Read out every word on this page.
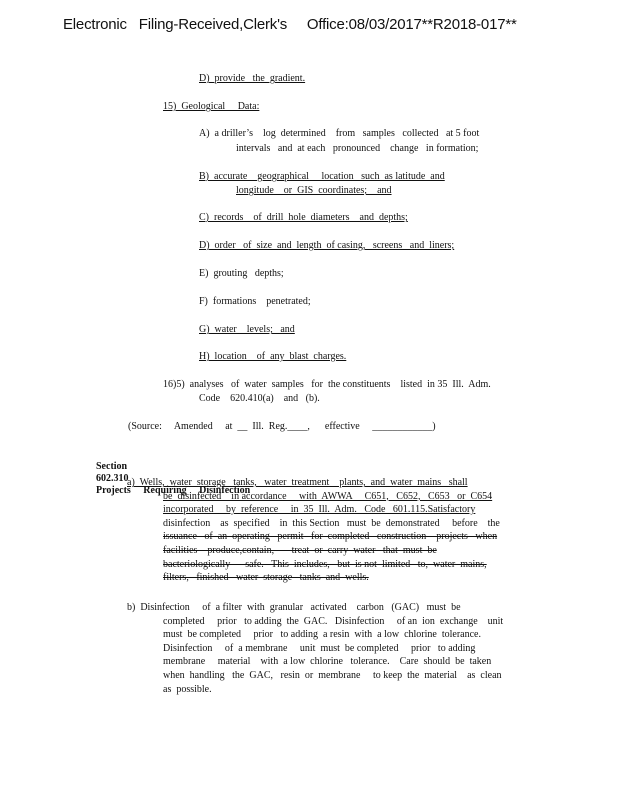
Electronic   Filing-Received,Clerk's     Office:08/03/2017**R2018-017**
D)  provide   the  gradient.
15)  Geological     Data:
A)  a driller’s    log  determined    from   samples   collected   at 5 foot
intervals   and  at each   pronounced    change   in formation;
B)  accurate    geographical     location   such  as latitude  and
longitude    or  GIS  coordinates;    and
C)  records    of  drill  hole  diameters    and  depths;
D)  order   of  size  and  length  of casing,   screens   and  liners;
E)  grouting   depths;
F)  formations    penetrated;
G)  water    levels;   and
H)  location    of  any  blast  charges.
16)5)  analyses   of  water  samples   for  the constituents    listed  in 35  Ill.  Adm.
Code    620.410(a)    and   (b).
(Source:     Amended     at  __  Ill.  Reg.____,      effective     ____________)

Section
602.310
Projects     Requiring     Disinfection

a)  Wells,  water  storage   tanks,   water  treatment    plants,  and  water  mains   shall
be  disinfected    in accordance     with  AWWA     C651,   C652,   C653   or  C654
incorporated     by  reference     in  35  Ill.  Adm.   Code   601.115.Satisfactory
disinfection    as  specified    in  this Section   must  be  demonstrated     before    the
issuance   of  an  operating   permit   for  completed   construction    projects   when
facilities    produce,contain,       treat  or  carry  water   that  must  be
bacteriologically      safe.   This  includes,   but  is not  limited   to,  water  mains,
filters,   finished   water  storage   tanks  and  wells.
b)  Disinfection     of  a filter  with  granular   activated    carbon   (GAC)   must  be
completed     prior   to adding  the  GAC.   Disinfection     of an  ion  exchange    unit
must  be completed     prior   to adding  a resin  with  a low  chlorine  tolerance.
Disinfection     of  a membrane     unit  must  be completed     prior   to adding
membrane     material    with  a low  chlorine   tolerance.    Care  should  be  taken
when  handling   the  GAC,   resin  or  membrane     to keep  the  material    as  clean
as  possible.
